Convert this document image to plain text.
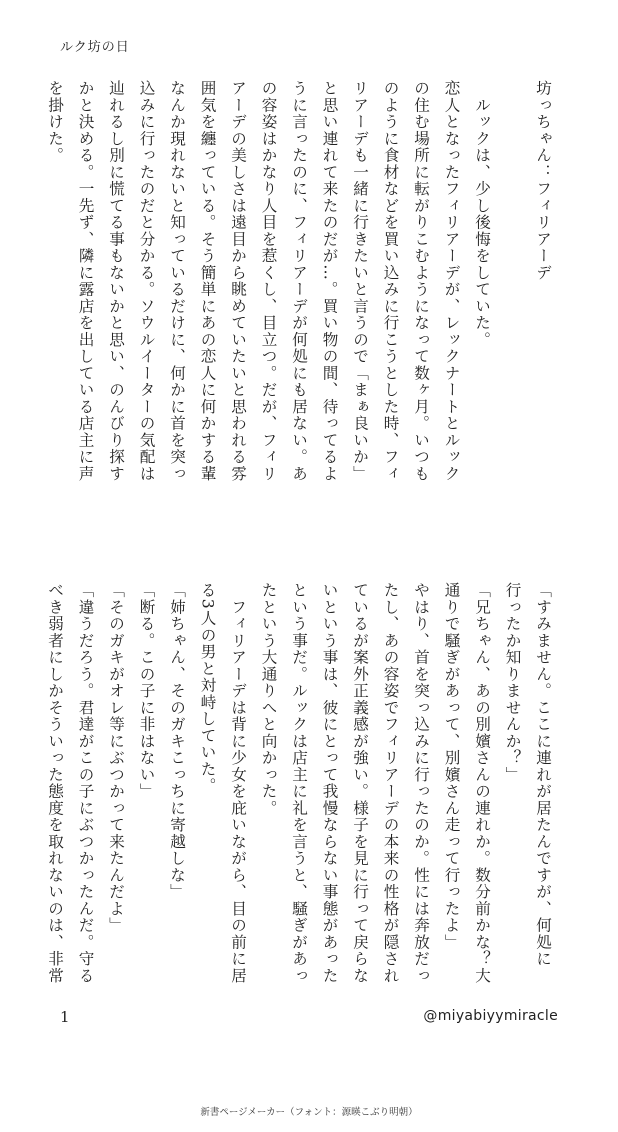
ルク坊の日
坊っちゃん：フィリアーデ

　ルックは、少し後悔をしていた。
恋人となったフィリアーデが、レックナートとルック
の住む場所に転がりこむようになって数ヶ月。いつも
のように食材などを買い込みに行こうとした時、フィ
リアーデも一緒に行きたいと言うので「まぁ良いか」
と思い連れて来たのだが…。買い物の間、待ってるよ
うに言ったのに、フィリアーデが何処にも居ない。あ
の容姿はかなり人目を惹くし、目立つ。だが、フィリ
アーデの美しさは遠目から眺めていたいと思われる雰
囲気を纏っている。そう簡単にあの恋人に何かする輩
なんか現れないと知っているだけに、何かに首を突っ
込みに行ったのだと分かる。ソウルイーターの気配は
辿れるし別に慌てる事もないかと思い、のんびり探す
かと決める。一先ず、隣に露店を出している店主に声
を掛けた。
「すみません。ここに連れが居たんですが、何処に
行ったか知りませんか？」
「兄ちゃん、あの別嬪さんの連れか。数分前かな？大
通りで騒ぎがあって、別嬪さん走って行ったよ」
やはり、首を突っ込みに行ったのか。性には奔放だっ
たし、あの容姿でフィリアーデの本来の性格が隠され
ているが案外正義感が強い。様子を見に行って戻らな
いという事は、彼にとって我慢ならない事態があった
という事だ。ルックは店主に礼を言うと、騒ぎがあっ
たという大通りへと向かった。
　フィリアーデは背に少女を庇いながら、目の前に居
る3人の男と対峙していた。
「姉ちゃん、そのガキこっちに寄越しな」
「断る。この子に非はない」
「そのガキがオレ等にぶつかって来たんだよ」
「違うだろう。君達がこの子にぶつかったんだ。守る
べき弱者にしかそういった態度を取れないのは、非常
1	@miyabiyymiracle
新書ページメーカー（フォント：源暎こぶり明朝）
